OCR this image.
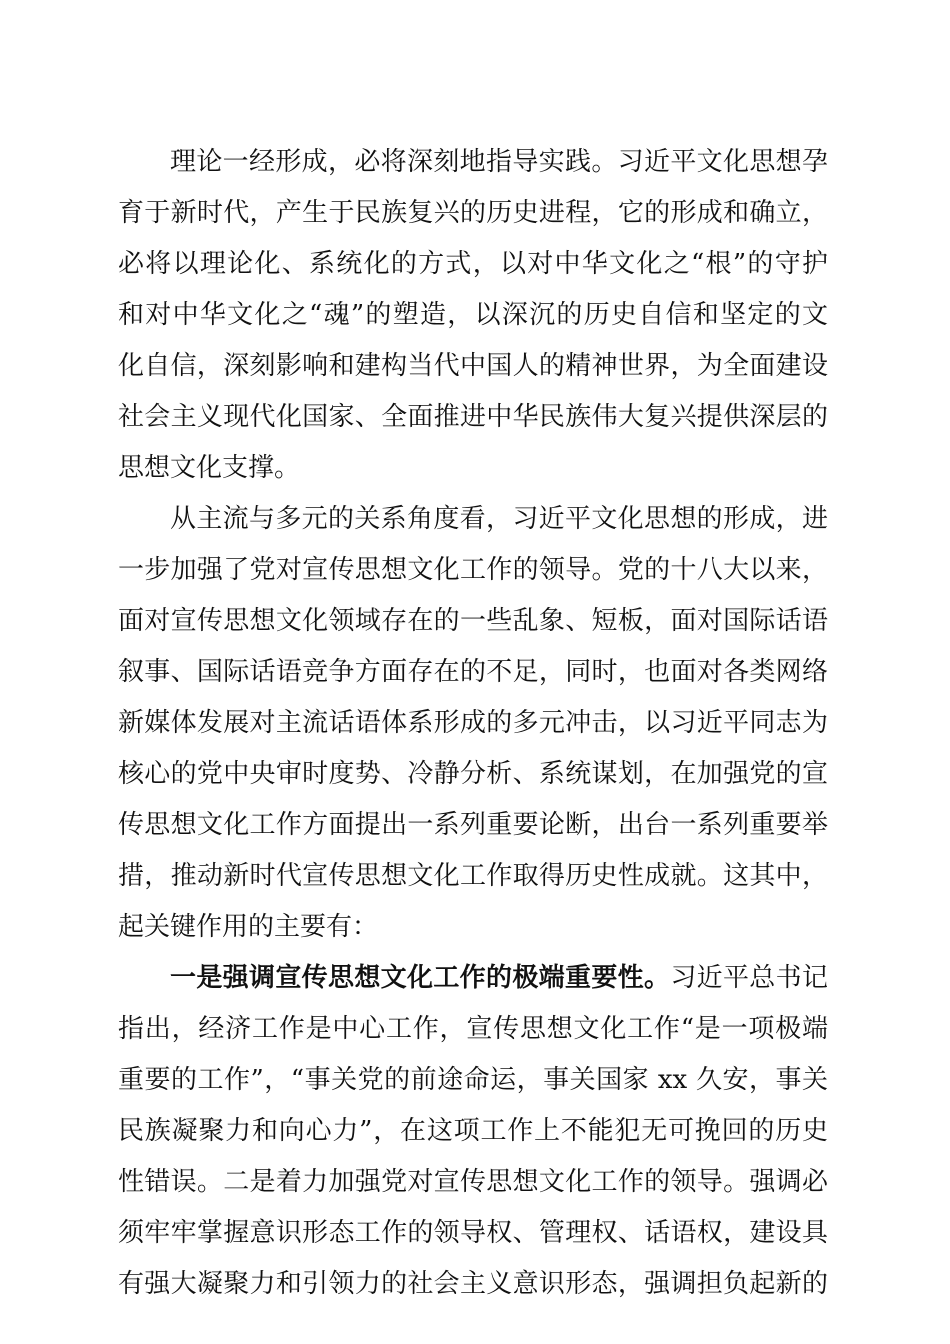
理论一经形成，必将深刻地指导实践。习近平文化思想孕
育于新时代，产生于民族复兴的历史进程，它的形成和确立，
必将以理论化、系统化的方式，以对中华文化之“根”的守护
和对中华文化之“魂”的塑造，以深沉的历史自信和坚定的文
化自信，深刻影响和建构当代中国人的精神世界，为全面建设
社会主义现代化国家、全面推进中华民族伟大复兴提供深层的
思想文化支撑。
从主流与多元的关系角度看，习近平文化思想的形成，进
一步加强了党对宣传思想文化工作的领导。党的十八大以来，
面对宣传思想文化领域存在的一些乱象、短板，面对国际话语
叙事、国际话语竞争方面存在的不足，同时，也面对各类网络
新媒体发展对主流话语体系形成的多元冲击，以习近平同志为
核心的党中央审时度势、冷静分析、系统谋划，在加强党的宣
传思想文化工作方面提出一系列重要论断，出台一系列重要举
措，推动新时代宣传思想文化工作取得历史性成就。这其中，
起关键作用的主要有：
一是强调宣传思想文化工作的极端重要性。习近平总书记
指出，经济工作是中心工作，宣传思想文化工作“是一项极端
重要的工作”，“事关党的前途命运，事关国家 xx 久安，事关
民族凝聚力和向心力”，在这项工作上不能犯无可挽回的历史
性错误。二是着力加强党对宣传思想文化工作的领导。强调必
须牢牢掌握意识形态工作的领导权、管理权、话语权，建设具
有强大凝聚力和引领力的社会主义意识形态，强调担负起新的
